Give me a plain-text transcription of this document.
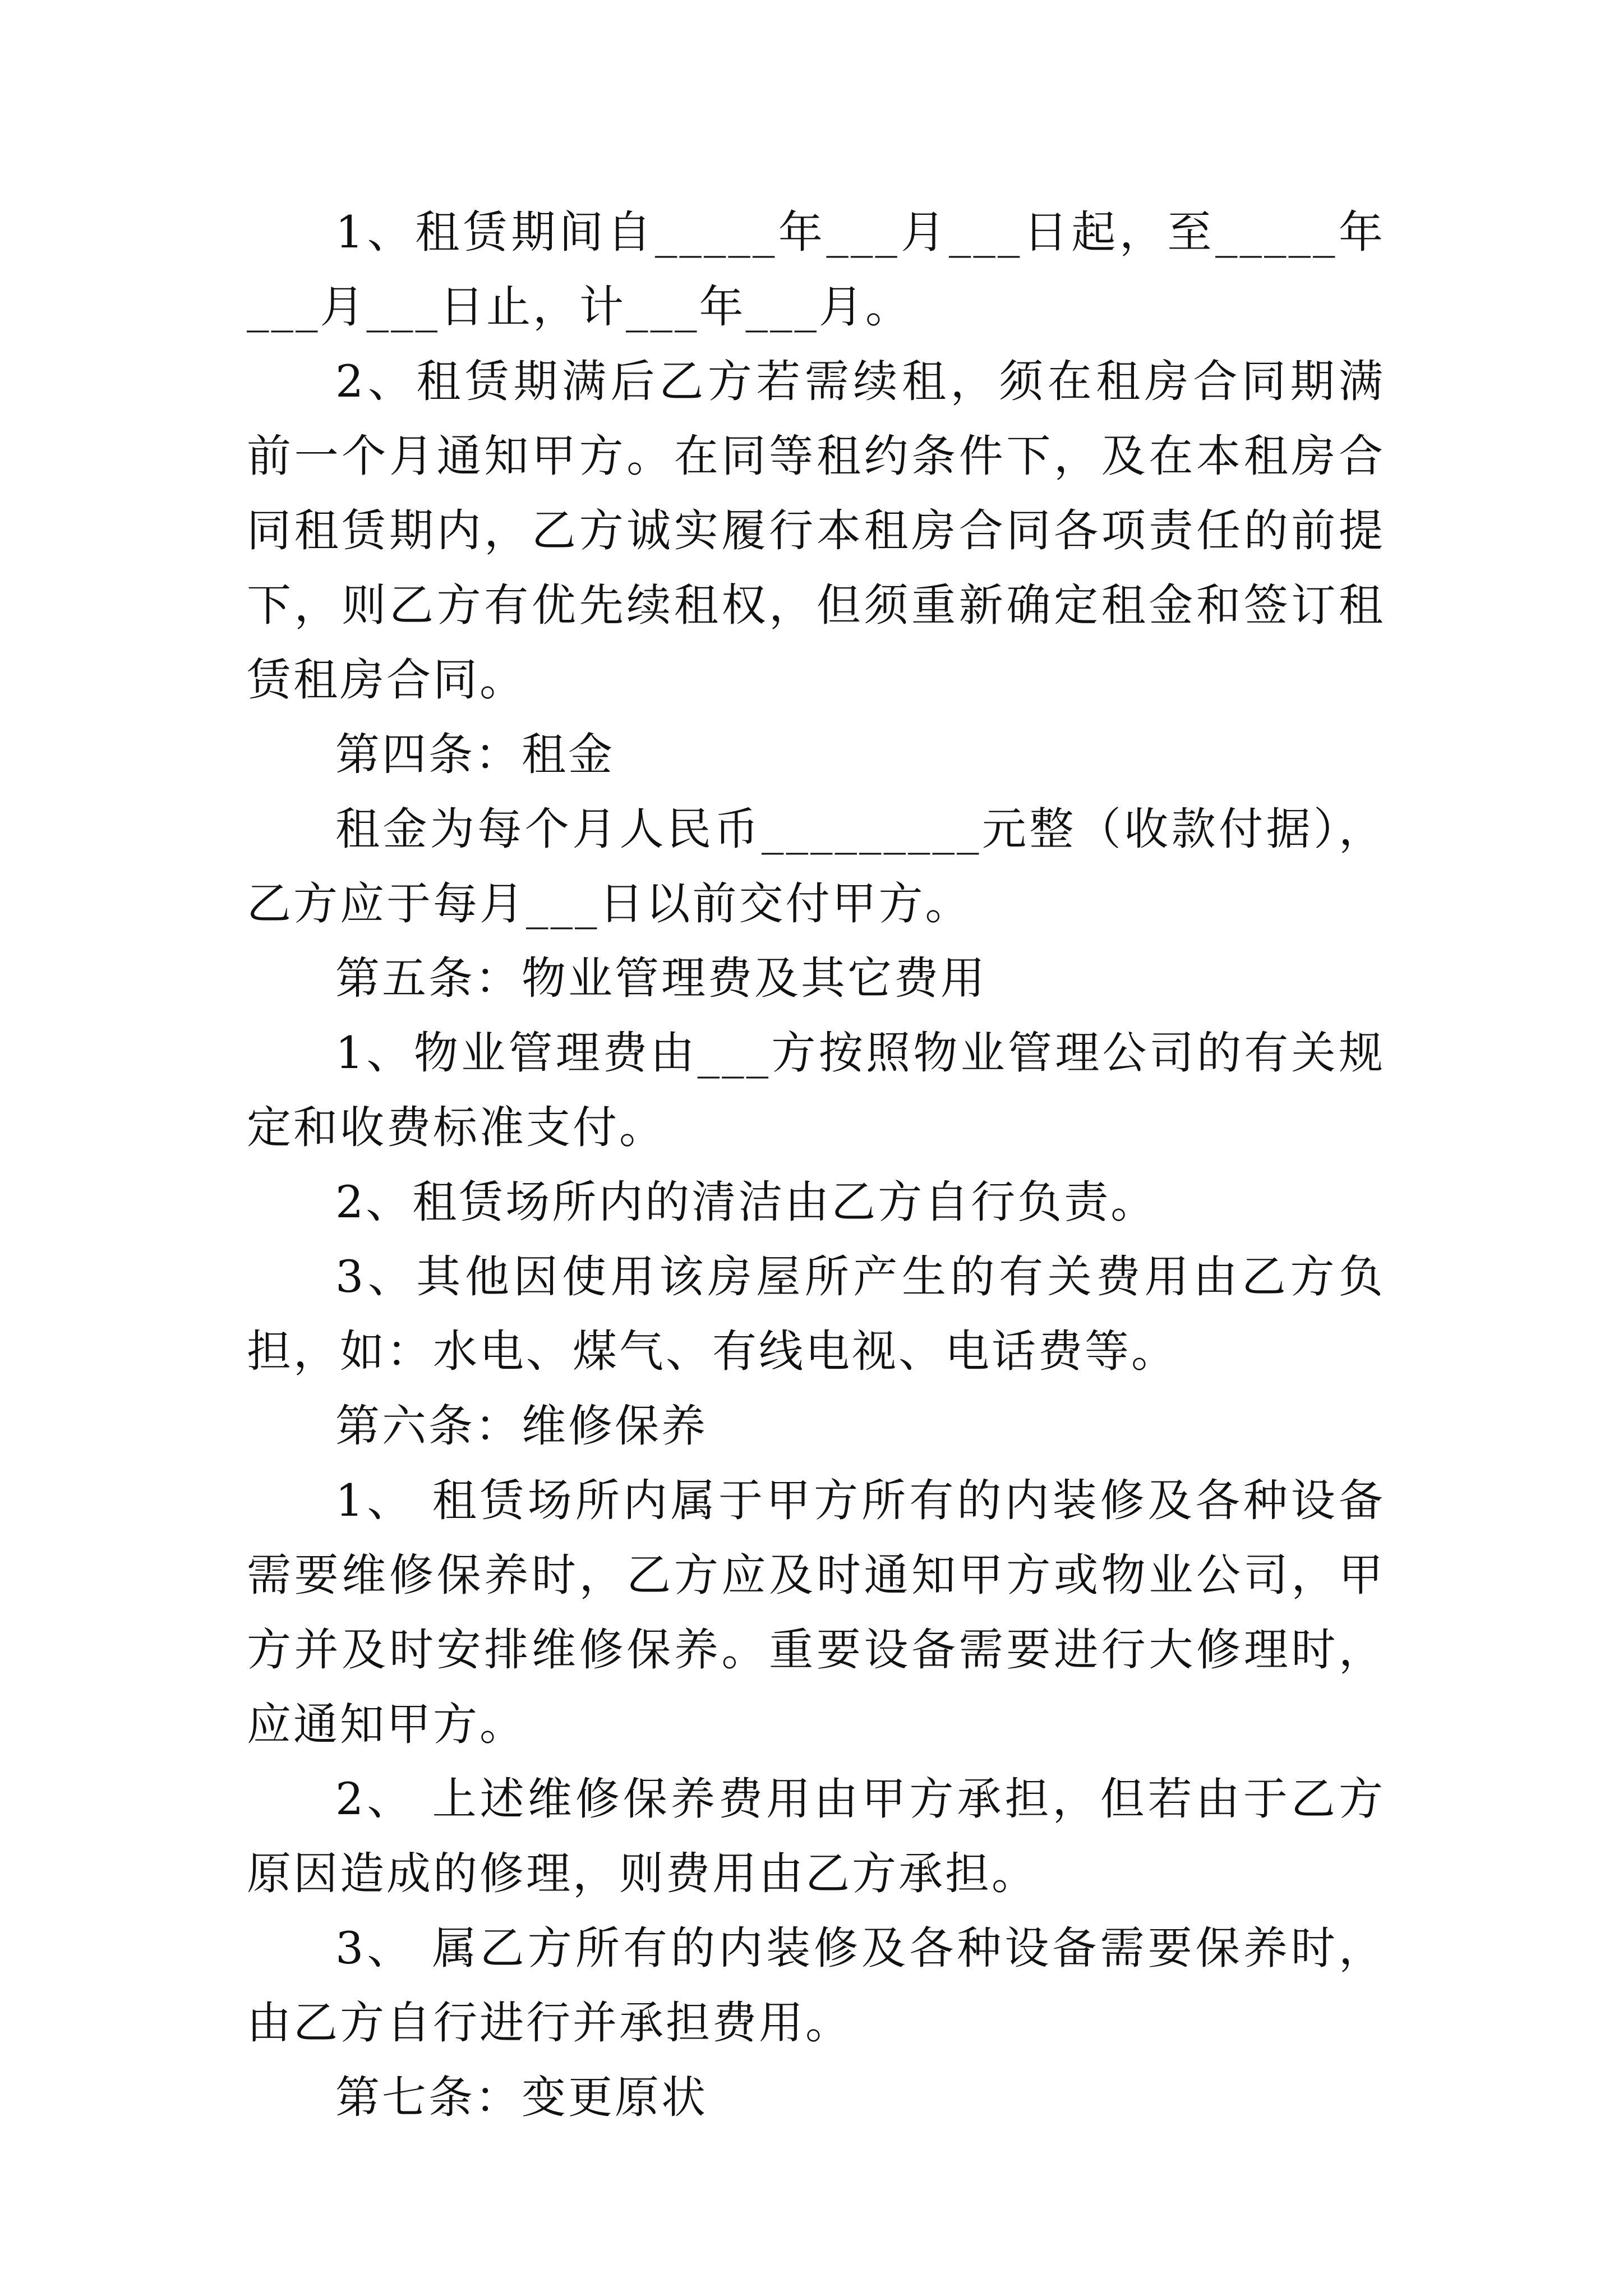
1、租赁期间自_____年___月___日起，至_____年___月___日止，计___年___月。

2、租赁期满后乙方若需续租，须在租房合同期满前一个月通知甲方。在同等租约条件下，及在本租房合同租赁期内，乙方诚实履行本租房合同各项责任的前提下，则乙方有优先续租权，但须重新确定租金和签订租赁租房合同。

第四条：租金

租金为每个月人民币_________元整（收款付据），乙方应于每月___日以前交付甲方。

第五条：物业管理费及其它费用

1、物业管理费由___方按照物业管理公司的有关规定和收费标准支付。

2、租赁场所内的清洁由乙方自行负责。

3、其他因使用该房屋所产生的有关费用由乙方负担，如：水电、煤气、有线电视、电话费等。

第六条：维修保养

1、 租赁场所内属于甲方所有的内装修及各种设备需要维修保养时，乙方应及时通知甲方或物业公司，甲方并及时安排维修保养。重要设备需要进行大修理时，应通知甲方。

2、 上述维修保养费用由甲方承担，但若由于乙方原因造成的修理，则费用由乙方承担。

3、 属乙方所有的内装修及各种设备需要保养时，由乙方自行进行并承担费用。

第七条：变更原状
